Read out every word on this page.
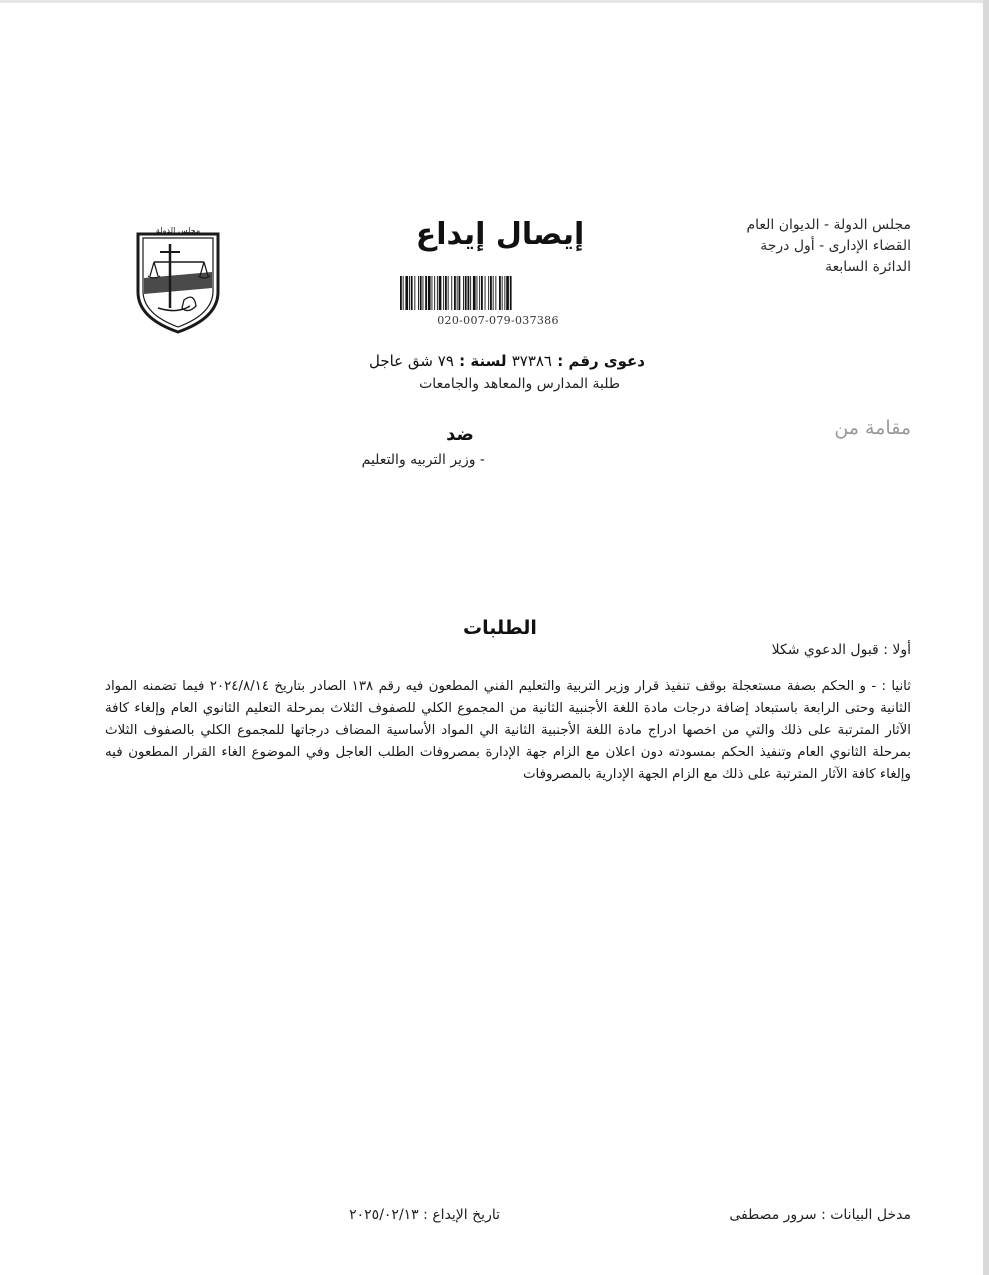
مجلس الدولة - الديوان العام
القضاء الإدارى - أول درجة
الدائرة السابعة
إيصال إيداع
020-007-079-037386
مجلس الدولة
دعوى رقم : ٣٧٣٨٦ لسنة : ٧٩ شق عاجل
طلبة المدارس والمعاهد والجامعات
مقامة من
ضد
- وزير التربيه والتعليم
الطلبات
أولا : قبول الدعوي شكلا
ثانيا : - و الحكم بصفة مستعجلة بوقف تنفيذ قرار وزير التربية والتعليم الفني المطعون فيه رقم ١٣٨ الصادر بتاريخ ٢٠٢٤/٨/١٤ فيما تضمنه المواد الثانية وحتى الرابعة باستبعاد إضافة درجات مادة اللغة الأجنبية الثانية من المجموع الكلي للصفوف الثلاث بمرحلة التعليم الثانوي العام وإلغاء كافة الآثار المترتبة على ذلك والتي من اخصها ادراج مادة اللغة الأجنبية الثانية الي المواد الأساسية المضاف درجاتها للمجموع الكلي بالصفوف الثلاث بمرحلة الثانوي العام وتنفيذ الحكم بمسودته دون اعلان مع الزام جهة الإدارة بمصروفات الطلب العاجل وفي الموضوع الغاء القرار المطعون فيه وإلغاء كافة الآثار المترتبة على ذلك مع الزام الجهة الإدارية بالمصروفات
مدخل البيانات : سرور مصطفى
تاريخ الإيداع : ٢٠٢٥/٠٢/١٣
